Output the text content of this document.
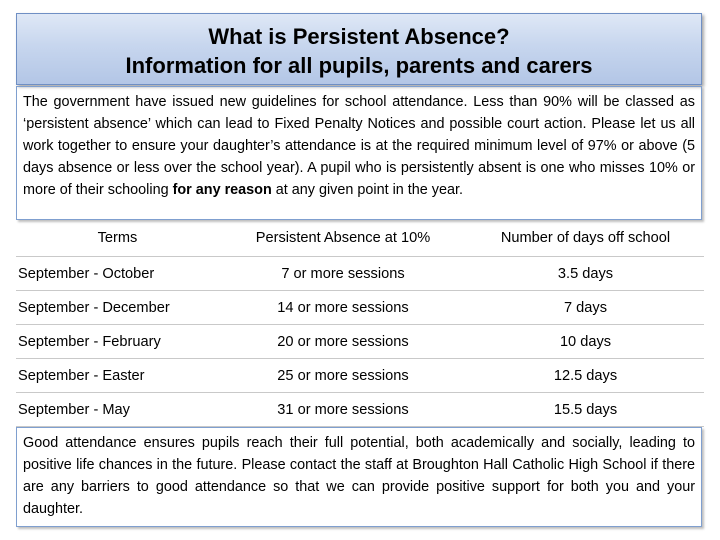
What is Persistent Absence?
Information for all pupils, parents and carers
The government have issued new guidelines for school attendance. Less than 90% will be classed as ‘persistent absence’ which can lead to Fixed Penalty Notices and possible court action. Please let us all work together to ensure your daughter’s attendance is at the required minimum level of 97% or above (5 days absence or less over the school year). A pupil who is persistently absent is one who misses 10% or more of their schooling for any reason at any given point in the year.
Terms	Persistent Absence at 10%	Number of days off school
September - October	7 or more sessions	3.5 days
September - December	14 or more sessions	7 days
September - February	20 or more sessions	10 days
September - Easter	25 or more sessions	12.5 days
September - May	31 or more sessions	15.5 days
Good attendance ensures pupils reach their full potential, both academically and socially, leading to positive life chances in the future. Please contact the staff at Broughton Hall Catholic High School if there are any barriers to good attendance so that we can provide positive support for both you and your daughter.
